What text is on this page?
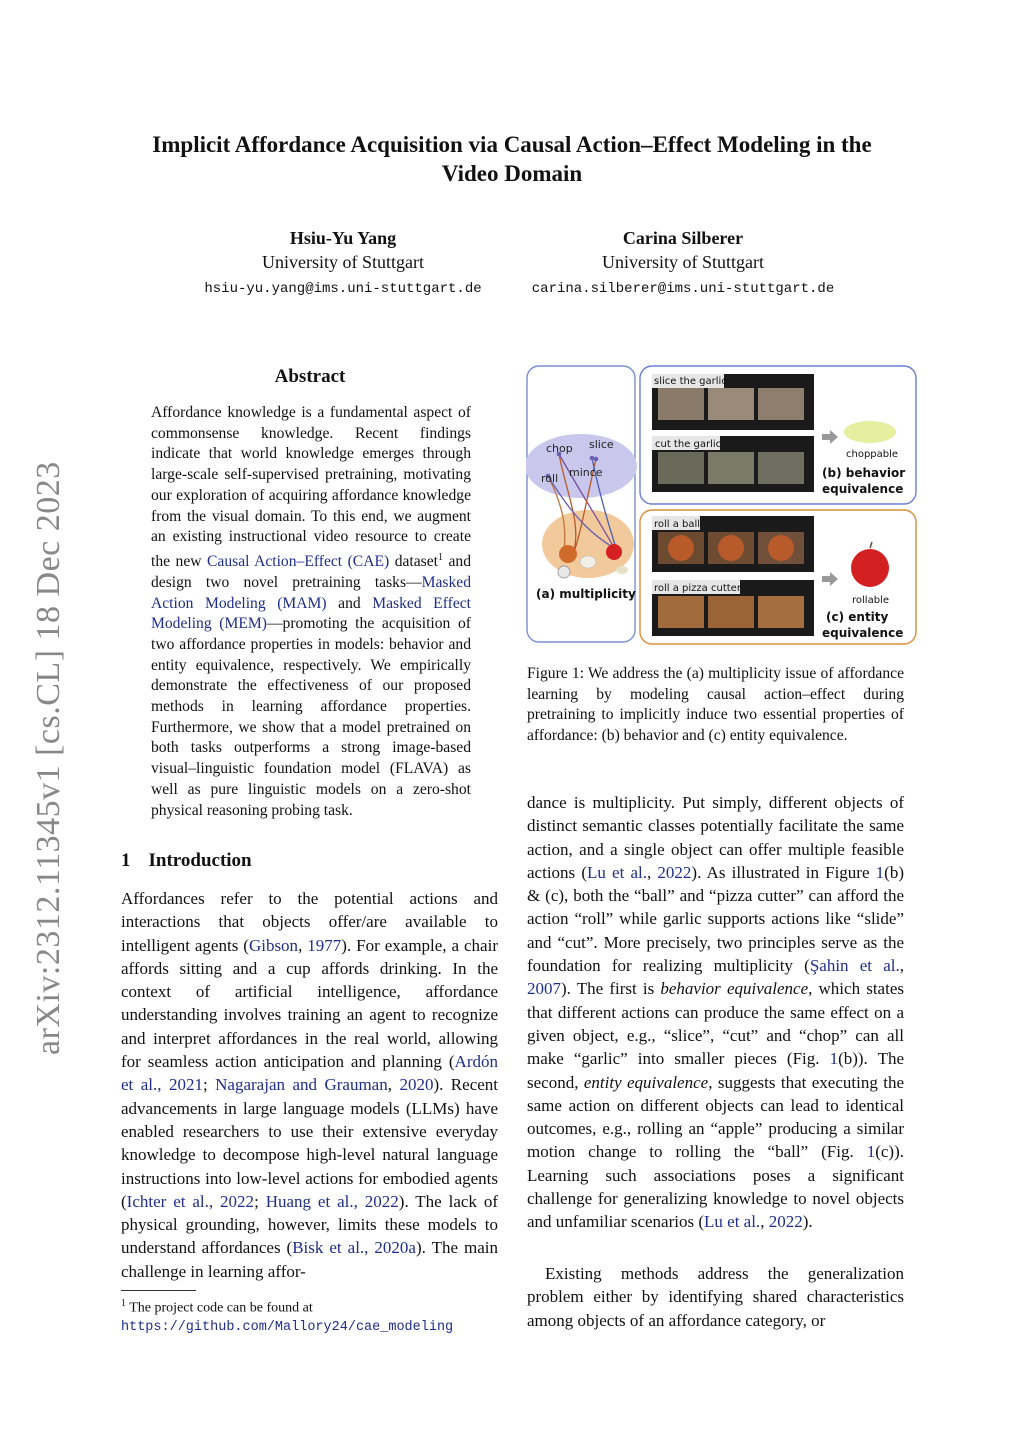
Implicit Affordance Acquisition via Causal Action–Effect Modeling in the
Video Domain
Hsiu-Yu Yang
University of Stuttgart
hsiu-yu.yang@ims.uni-stuttgart.de
Carina Silberer
University of Stuttgart
carina.silberer@ims.uni-stuttgart.de
arXiv:2312.11345v1 [cs.CL] 18 Dec 2023
Abstract
Affordance knowledge is a fundamental aspect of commonsense knowledge. Recent findings indicate that world knowledge emerges through large-scale self-supervised pretraining, motivating our exploration of acquiring affordance knowledge from the visual domain. To this end, we augment an existing instructional video resource to create the new Causal Action–Effect (CAE) dataset$^1$ and design two novel pretraining tasks—Masked Action Modeling (MAM) and Masked Effect Modeling (MEM)—promoting the acquisition of two affordance properties in models: behavior and entity equivalence, respectively. We empirically demonstrate the effectiveness of our proposed methods in learning affordance properties. Furthermore, we show that a model pretrained on both tasks outperforms a strong image-based visual–linguistic foundation model (FLAVA) as well as pure linguistic models on a zero-shot physical reasoning probing task.
1 Introduction
Affordances refer to the potential actions and interactions that objects offer/are available to intelligent agents (Gibson, 1977). For example, a chair affords sitting and a cup affords drinking. In the context of artificial intelligence, affordance understanding involves training an agent to recognize and interpret affordances in the real world, allowing for seamless action anticipation and planning (Ardón et al., 2021; Nagarajan and Grauman, 2020). Recent advancements in large language models (LLMs) have enabled researchers to use their extensive everyday knowledge to decompose high-level natural language instructions into low-level actions for embodied agents (Ichter et al., 2022; Huang et al., 2022). The lack of physical grounding, however, limits these models to understand affordances (Bisk et al., 2020a). The main challenge in learning affor-
$^1$ The project code can be found at https://github.com/Mallory24/cae_modeling
chop slice
mince
roll
(a) multiplicity
slice the garlic
cut the garlic
choppable
(b) behavior
equivalence
roll a ball
roll a pizza cutter
rollable
(c) entity
equivalence
Figure 1: We address the (a) multiplicity issue of affordance learning by modeling causal action–effect during pretraining to implicitly induce two essential properties of affordance: (b) behavior and (c) entity equivalence.
dance is multiplicity. Put simply, different objects of distinct semantic classes potentially facilitate the same action, and a single object can offer multiple feasible actions (Lu et al., 2022). As illustrated in Figure 1(b) & (c), both the “ball” and “pizza cutter” can afford the action “roll” while garlic supports actions like “slide” and “cut”. More precisely, two principles serve as the foundation for realizing multiplicity (Şahin et al., 2007). The first is behavior equivalence, which states that different actions can produce the same effect on a given object, e.g., “slice”, “cut” and “chop” can all make “garlic” into smaller pieces (Fig. 1(b)). The second, entity equivalence, suggests that executing the same action on different objects can lead to identical outcomes, e.g., rolling an “apple” producing a similar motion change to rolling the “ball” (Fig. 1(c)). Learning such associations poses a significant challenge for generalizing knowledge to novel objects and unfamiliar scenarios (Lu et al., 2022).
Existing methods address the generalization problem either by identifying shared characteristics among objects of an affordance category, or
